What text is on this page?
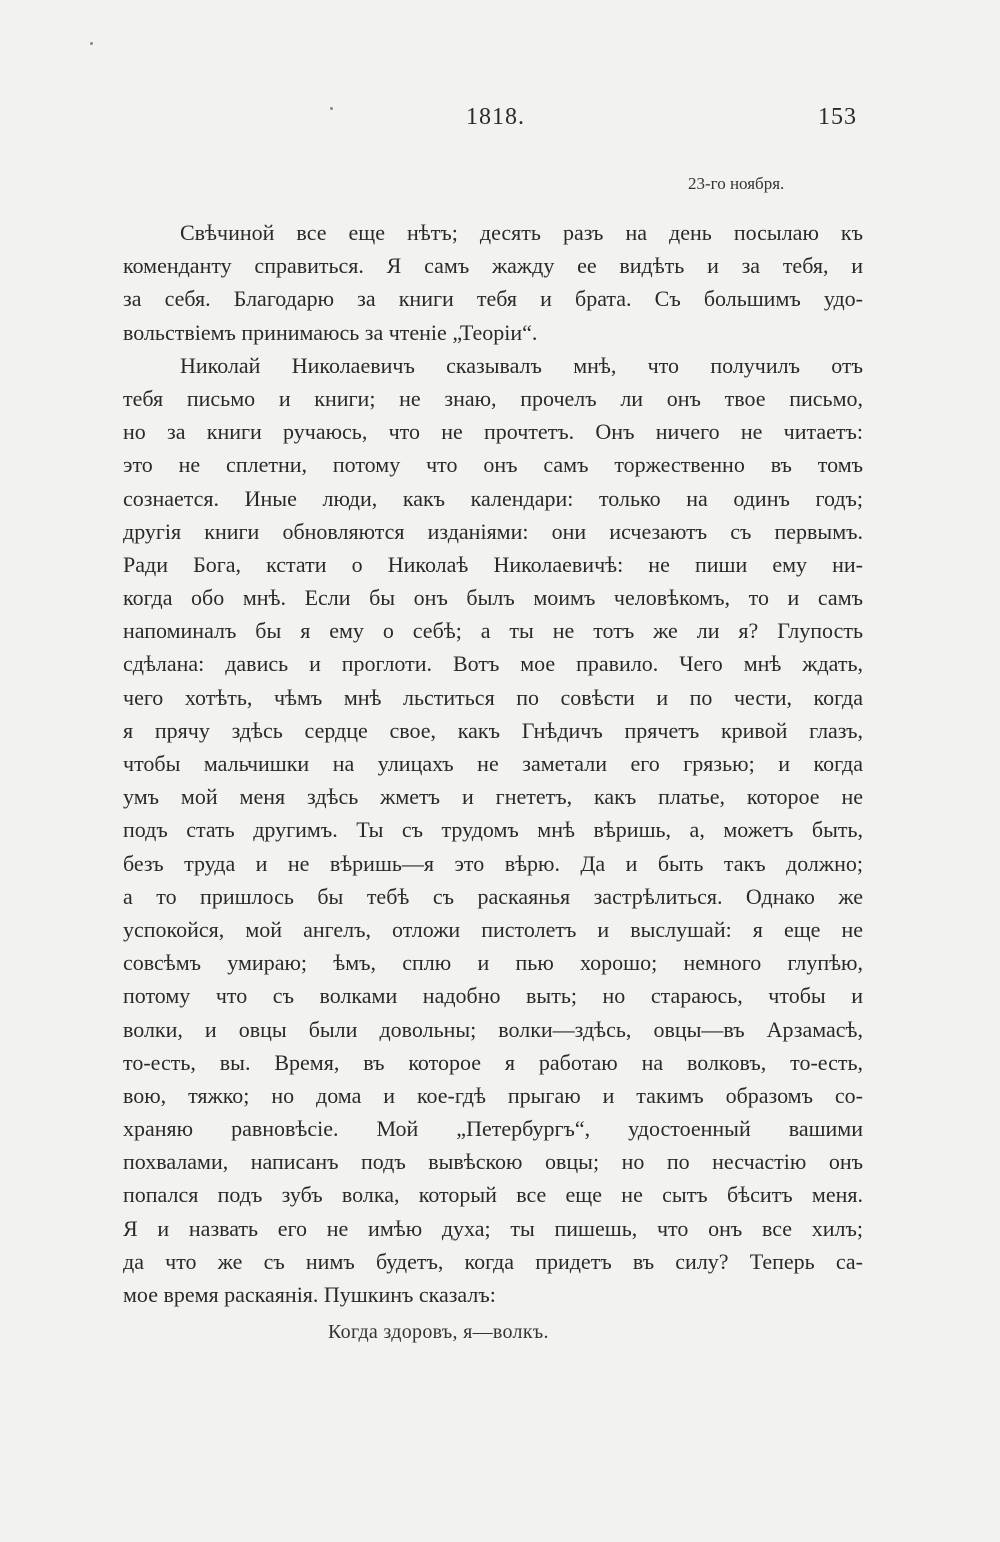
1818.	153
23-го ноября.
Свѣчиной все еще нѣтъ; десять разъ на день посылаю къ
коменданту справиться. Я самъ жажду ее видѣть и за тебя, и
за себя. Благодарю за книги тебя и брата. Съ большимъ удо-
вольствіемъ принимаюсь за чтеніе „Теоріи“.
Николай Николаевичъ сказывалъ мнѣ, что получилъ отъ
тебя письмо и книги; не знаю, прочелъ ли онъ твое письмо,
но за книги ручаюсь, что не прочтетъ. Онъ ничего не читаетъ:
это не сплетни, потому что онъ самъ торжественно въ томъ
сознается. Иные люди, какъ календари: только на одинъ годъ;
другія книги обновляются изданіями: они исчезаютъ съ первымъ.
Ради Бога, кстати о Николаѣ Николаевичѣ: не пиши ему ни-
когда обо мнѣ. Если бы онъ былъ моимъ человѣкомъ, то и самъ
напоминалъ бы я ему о себѣ; а ты не тотъ же ли я? Глупость
сдѣлана: давись и проглоти. Вотъ мое правило. Чего мнѣ ждать,
чего хотѣть, чѣмъ мнѣ льститься по совѣсти и по чести, когда
я прячу здѣсь сердце свое, какъ Гнѣдичъ прячетъ кривой глазъ,
чтобы мальчишки на улицахъ не заметали его грязью; и когда
умъ мой меня здѣсь жметъ и гнететъ, какъ платье, которое не
подъ стать другимъ. Ты съ трудомъ мнѣ вѣришь, а, можетъ быть,
безъ труда и не вѣришь—я это вѣрю. Да и быть такъ должно;
а то пришлось бы тебѣ съ раскаянья застрѣлиться. Однако же
успокойся, мой ангелъ, отложи пистолетъ и выслушай: я еще не
совсѣмъ умираю; ѣмъ, сплю и пью хорошо; немного глупѣю,
потому что съ волками надобно выть; но стараюсь, чтобы и
волки, и овцы были довольны; волки—здѣсь, овцы—въ Арзамасѣ,
то-есть, вы. Время, въ которое я работаю на волковъ, то-есть,
вою, тяжко; но дома и кое-гдѣ прыгаю и такимъ образомъ со-
храняю равновѣсіе. Мой „Петербургъ“, удостоенный вашими
похвалами, написанъ подъ вывѣскою овцы; но по несчастію онъ
попался подъ зубъ волка, который все еще не сытъ бѣситъ меня.
Я и назвать его не имѣю духа; ты пишешь, что онъ все хилъ;
да что же съ нимъ будетъ, когда придетъ въ силу? Теперь са-
мое время раскаянія. Пушкинъ сказалъ:
Когда здоровъ, я—волкъ.
